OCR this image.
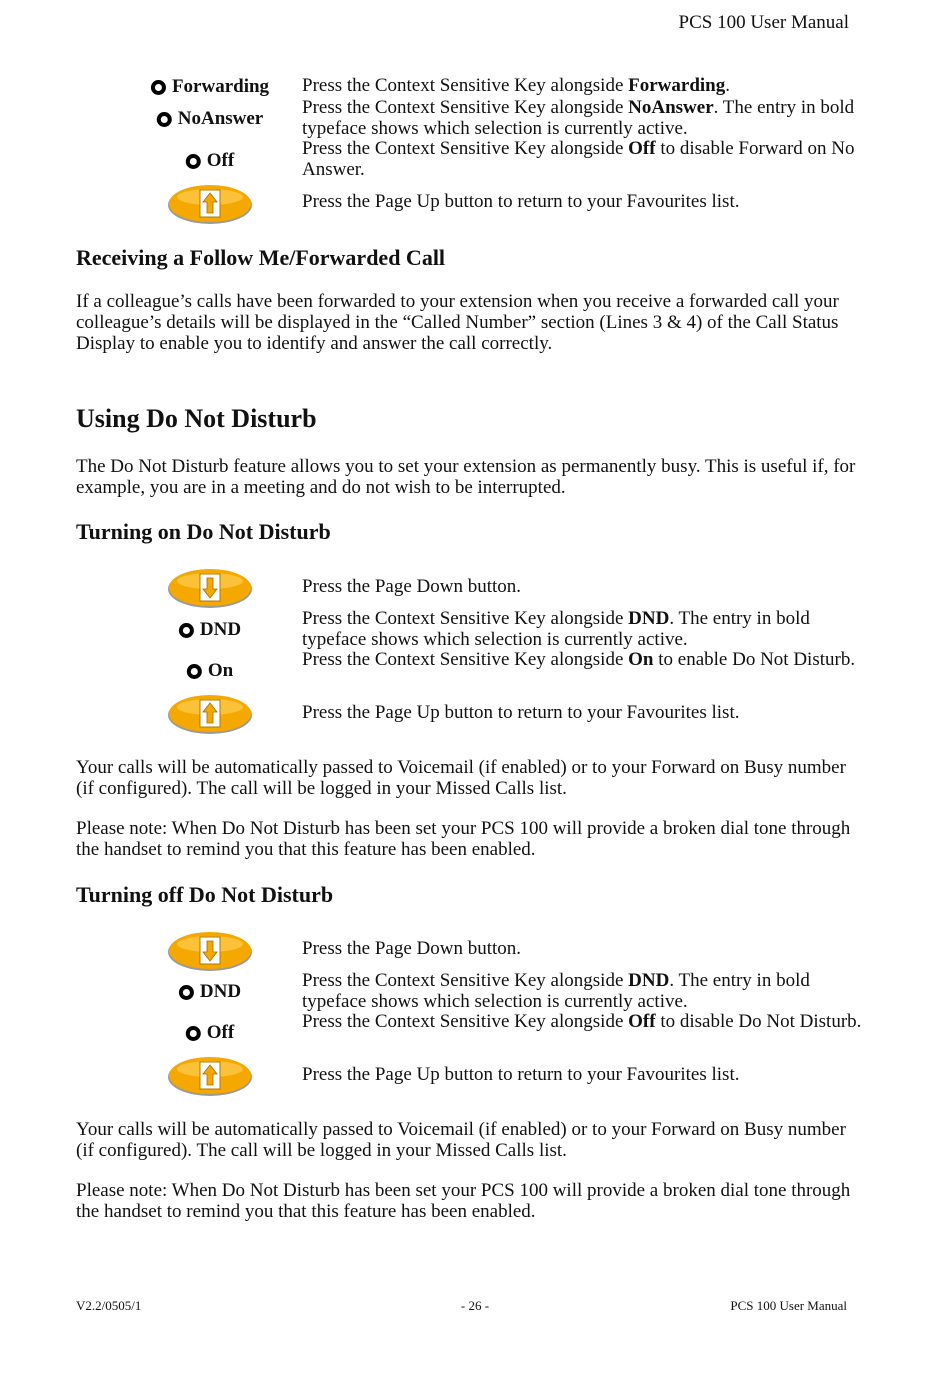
PCS 100 User Manual
Forwarding
NoAnswer
Off
Press the Context Sensitive Key alongside Forwarding.
Press the Context Sensitive Key alongside NoAnswer. The entry in bold typeface shows which selection is currently active.
Press the Context Sensitive Key alongside Off to disable Forward on No Answer.
Press the Page Up button to return to your Favourites list.
Receiving a Follow Me/Forwarded Call
If a colleague’s calls have been forwarded to your extension when you receive a forwarded call your colleague’s details will be displayed in the “Called Number” section (Lines 3 & 4) of the Call Status Display to enable you to identify and answer the call correctly.
Using Do Not Disturb
The Do Not Disturb feature allows you to set your extension as permanently busy. This is useful if, for example, you are in a meeting and do not wish to be interrupted.
Turning on Do Not Disturb
DND
On
Press the Page Down button.
Press the Context Sensitive Key alongside DND. The entry in bold typeface shows which selection is currently active.
Press the Context Sensitive Key alongside On to enable Do Not Disturb.
Press the Page Up button to return to your Favourites list.
Your calls will be automatically passed to Voicemail (if enabled) or to your Forward on Busy number (if configured). The call will be logged in your Missed Calls list.
Please note: When Do Not Disturb has been set your PCS 100 will provide a broken dial tone through the handset to remind you that this feature has been enabled.
Turning off Do Not Disturb
DND
Off
Press the Page Down button.
Press the Context Sensitive Key alongside DND. The entry in bold typeface shows which selection is currently active.
Press the Context Sensitive Key alongside Off to disable Do Not Disturb.
Press the Page Up button to return to your Favourites list.
Your calls will be automatically passed to Voicemail (if enabled) or to your Forward on Busy number (if configured). The call will be logged in your Missed Calls list.
Please note: When Do Not Disturb has been set your PCS 100 will provide a broken dial tone through the handset to remind you that this feature has been enabled.
V2.2/0505/1	- 26 -	PCS 100 User Manual
